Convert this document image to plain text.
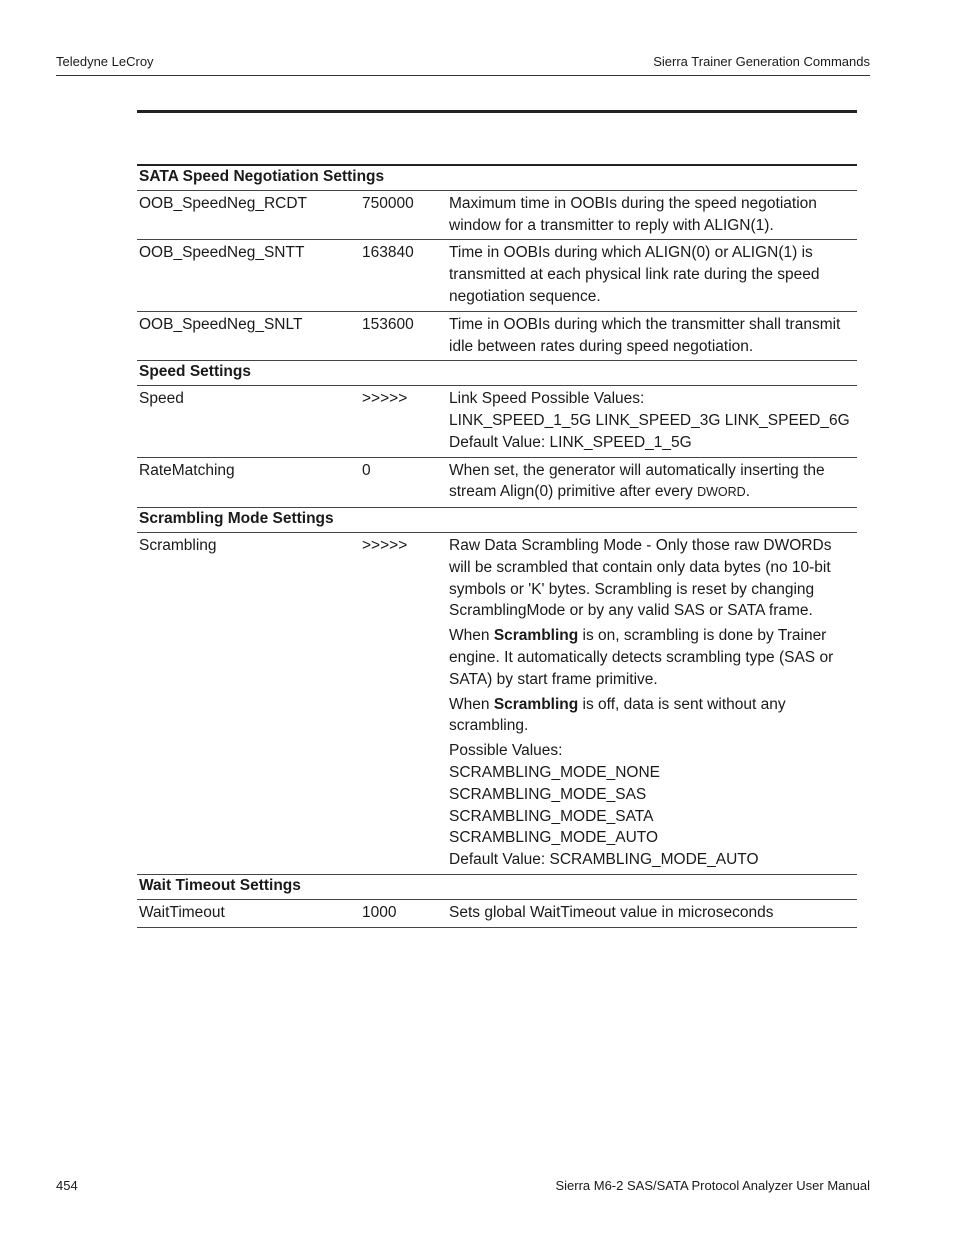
Teledyne LeCroy	Sierra Trainer Generation Commands
SATA Speed Negotiation Settings
OOB_SpeedNeg_RCDT	750000	Maximum time in OOBIs during the speed negotiation window for a transmitter to reply with ALIGN(1).
OOB_SpeedNeg_SNTT	163840	Time in OOBIs during which ALIGN(0) or ALIGN(1) is transmitted at each physical link rate during the speed negotiation sequence.
OOB_SpeedNeg_SNLT	153600	Time in OOBIs during which the transmitter shall transmit idle between rates during speed negotiation.
Speed Settings
Speed	>>>>>	Link Speed Possible Values:
LINK_SPEED_1_5G LINK_SPEED_3G LINK_SPEED_6G
Default Value: LINK_SPEED_1_5G
RateMatching	0	When set, the generator will automatically inserting the stream Align(0) primitive after every DWORD.
Scrambling Mode Settings
Scrambling	>>>>>	Raw Data Scrambling Mode - Only those raw DWORDs will be scrambled that contain only data bytes (no 10-bit symbols or 'K' bytes. Scrambling is reset by changing ScramblingMode or by any valid SAS or SATA frame.

When Scrambling is on, scrambling is done by Trainer engine. It automatically detects scrambling type (SAS or SATA) by start frame primitive.

When Scrambling is off, data is sent without any scrambling.

Possible Values:
SCRAMBLING_MODE_NONE
SCRAMBLING_MODE_SAS
SCRAMBLING_MODE_SATA
SCRAMBLING_MODE_AUTO
Default Value: SCRAMBLING_MODE_AUTO

Wait Timeout Settings
WaitTimeout	1000	Sets global WaitTimeout value in microseconds
454	Sierra M6-2 SAS/SATA Protocol Analyzer User Manual
